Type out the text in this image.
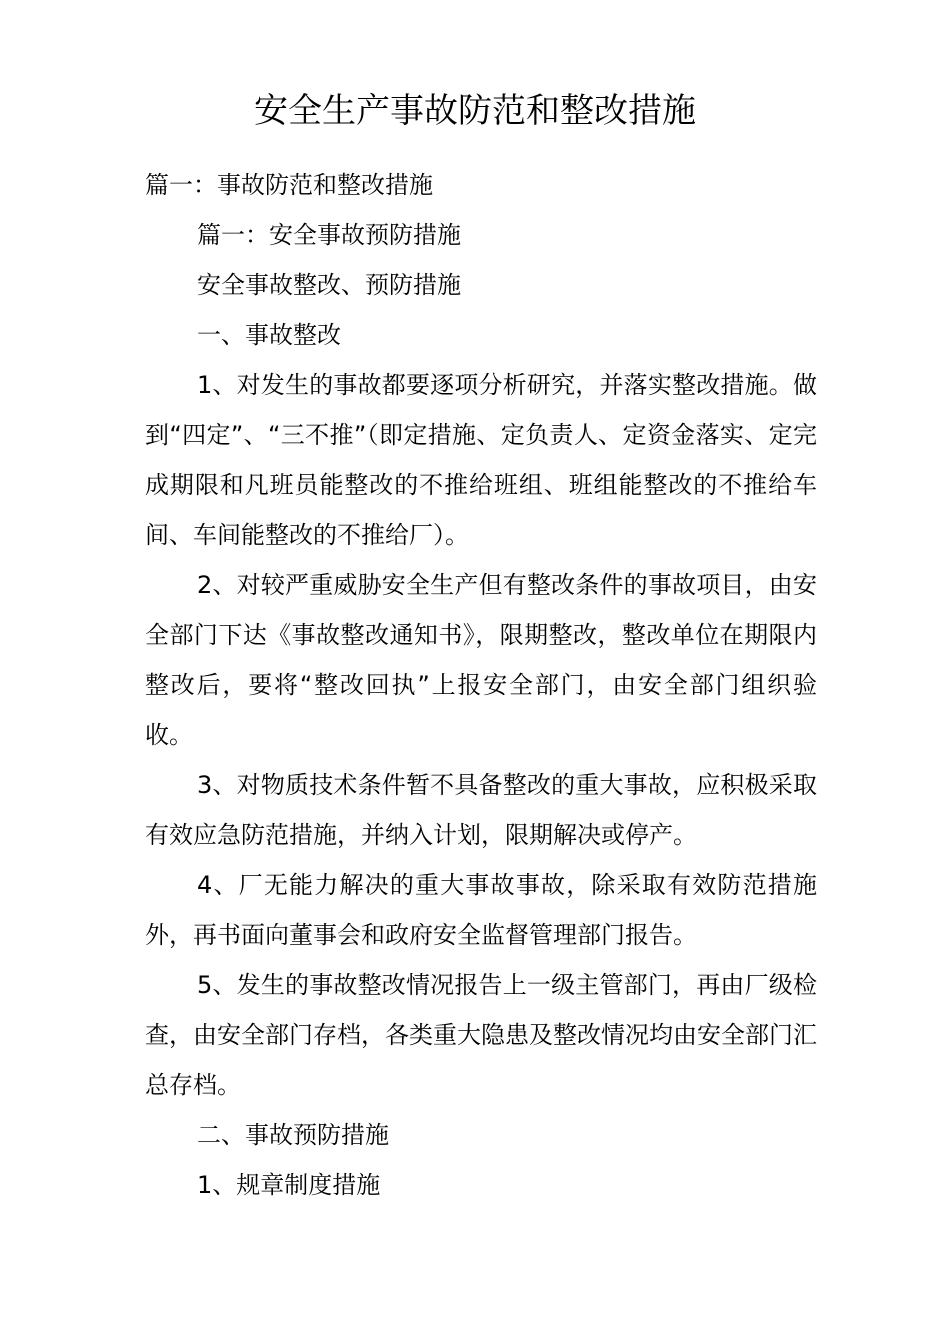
安全生产事故防范和整改措施

篇一：事故防范和整改措施

篇一：安全事故预防措施

安全事故整改、预防措施

一、事故整改

1、对发生的事故都要逐项分析研究，并落实整改措施。做到“四定”、“三不推”（即定措施、定负责人、定资金落实、定完成期限和凡班员能整改的不推给班组、班组能整改的不推给车间、车间能整改的不推给厂）。

2、对较严重威胁安全生产但有整改条件的事故项目，由安全部门下达《事故整改通知书》，限期整改，整改单位在期限内整改后，要将“整改回执”上报安全部门，由安全部门组织验收。

3、对物质技术条件暂不具备整改的重大事故，应积极采取有效应急防范措施，并纳入计划，限期解决或停产。

4、厂无能力解决的重大事故事故，除采取有效防范措施外，再书面向董事会和政府安全监督管理部门报告。

5、发生的事故整改情况报告上一级主管部门，再由厂级检查，由安全部门存档，各类重大隐患及整改情况均由安全部门汇总存档。

二、事故预防措施

1、规章制度措施
